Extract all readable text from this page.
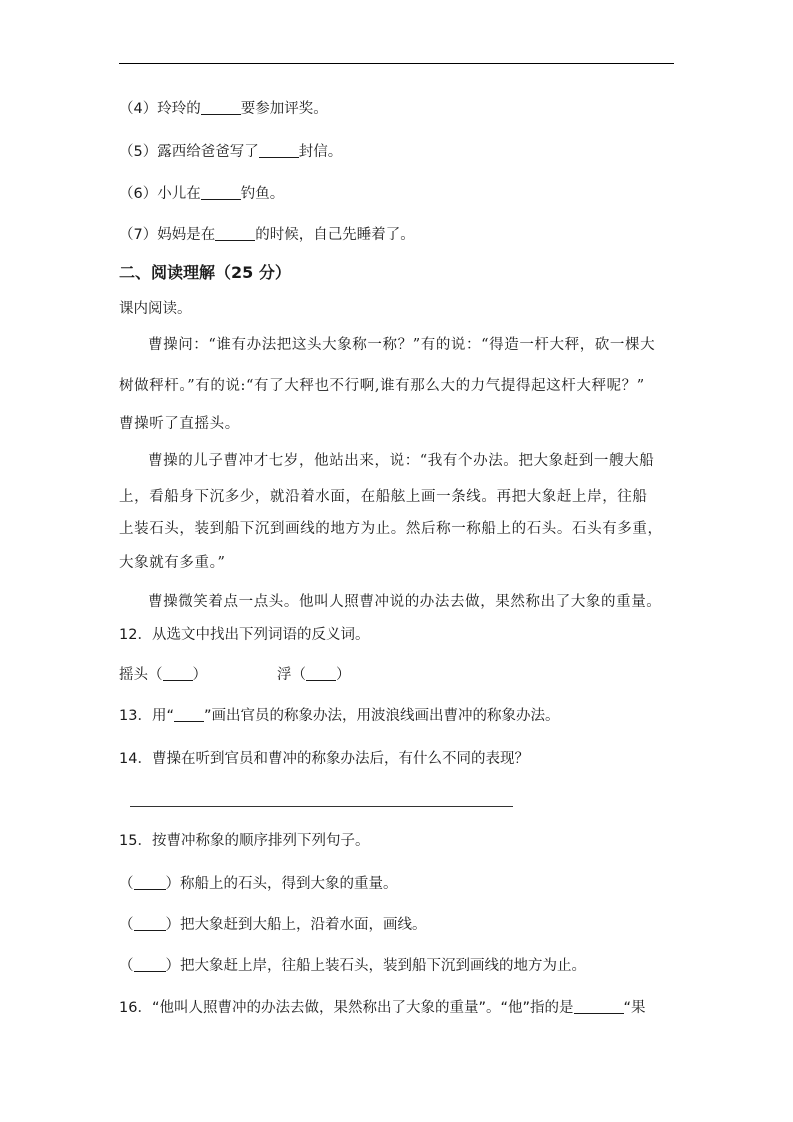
（4）玲玲的	要参加评奖。
（5）露西给爸爸写了	封信。
（6）小儿在	钓鱼。
（7）妈妈是在	的时候，自己先睡着了。
二、阅读理解（25 分）
课内阅读。
曹操问：“谁有办法把这头大象称一称？”有的说：“得造一杆大秤，砍一棵大
树做秤杆。”有的说:“有了大秤也不行啊,谁有那么大的力气提得起这杆大秤呢？”
曹操听了直摇头。
曹操的儿子曹冲才七岁，他站出来，说：“我有个办法。把大象赶到一艘大船
上，看船身下沉多少，就沿着水面，在船舷上画一条线。再把大象赶上岸，往船
上装石头，装到船下沉到画线的地方为止。然后称一称船上的石头。石头有多重，
大象就有多重。”
曹操微笑着点一点头。他叫人照曹冲说的办法去做，果然称出了大象的重量。
12．从选文中找出下列词语的反义词。
摇头（ ）	浮（ ）
13．用“ ”画出官员的称象办法，用波浪线画出曹冲的称象办法。
14．曹操在听到官员和曹冲的称象办法后，有什么不同的表现？
15．按曹冲称象的顺序排列下列句子。
（ ）称船上的石头，得到大象的重量。
（ ）把大象赶到大船上，沿着水面，画线。
（ ）把大象赶上岸，往船上装石头，装到船下沉到画线的地方为止。
16．“他叫人照曹冲的办法去做，果然称出了大象的重量”。“他”指的是	“果
